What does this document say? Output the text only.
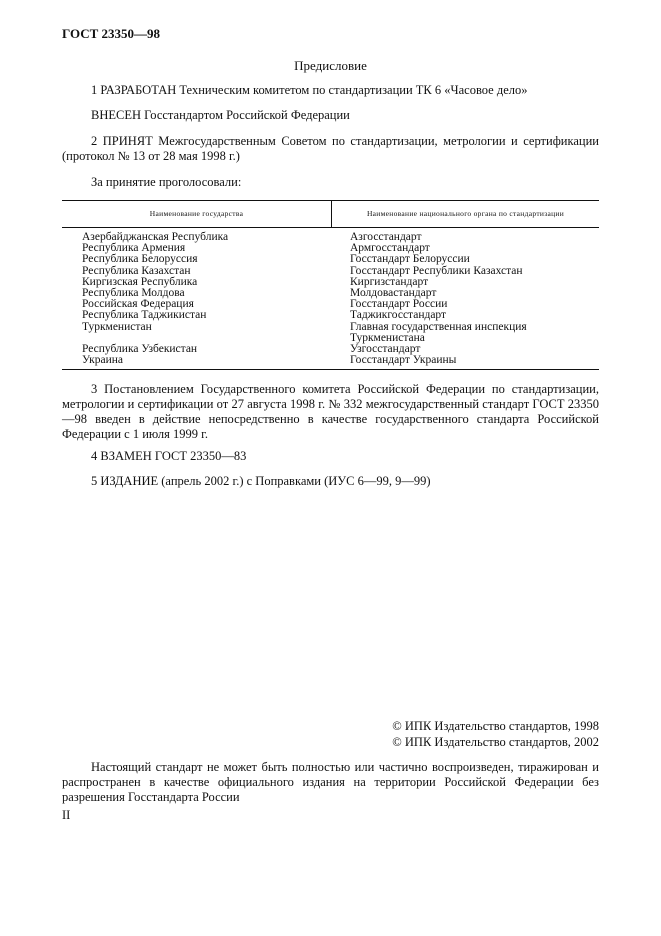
ГОСТ 23350—98
Предисловие

1 РАЗРАБОТАН Техническим комитетом по стандартизации ТК 6 «Часовое дело»

ВНЕСЕН Госстандартом Российской Федерации

2 ПРИНЯТ Межгосударственным Советом по стандартизации, метрологии и сертификации (протокол № 13 от 28 мая 1998 г.)

За принятие проголосовали:

Наименование государства	Наименование национального органа по стандартизации
Азербайджанская Республика
Республика Армения
Республика Белоруссия
Республика Казахстан
Киргизская Республика
Республика Молдова
Российская Федерация
Республика Таджикистан
Туркменистан

Республика Узбекистан
Украина
Азгосстандарт
Армгосстандарт
Госстандарт Белоруссии
Госстандарт Республики Казахстан
Киргизстандарт
Молдовастандарт
Госстандарт России
Таджикгосстандарт
Главная государственная инспекция
Туркменистана
Узгосстандарт
Госстандарт Украины

3 Постановлением Государственного комитета Российской Федерации по стандартизации, метрологии и сертификации от 27 августа 1998 г. № 332 межгосударственный стандарт ГОСТ 23350—98 введен в действие непосредственно в качестве государственного стандарта Российской Федерации с 1 июля 1999 г.

4 ВЗАМЕН ГОСТ 23350—83

5 ИЗДАНИЕ (апрель 2002 г.) с Поправками (ИУС 6—99, 9—99)

© ИПК Издательство стандартов, 1998
© ИПК Издательство стандартов, 2002

Настоящий стандарт не может быть полностью или частично воспроизведен, тиражирован и распространен в качестве официального издания на территории Российской Федерации без разрешения Госстандарта России

II
